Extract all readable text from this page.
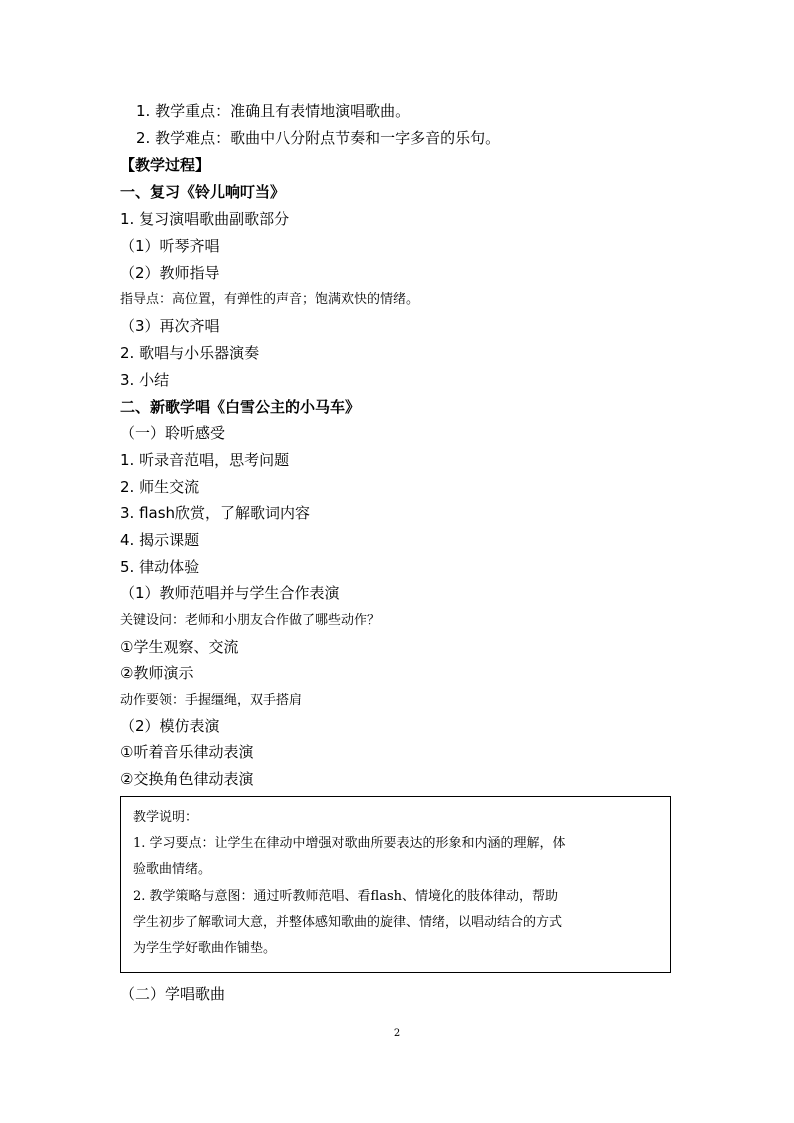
1. 教学重点：准确且有表情地演唱歌曲。
2. 教学难点：歌曲中八分附点节奏和一字多音的乐句。
【教学过程】
一、复习《铃儿响叮当》
1. 复习演唱歌曲副歌部分
（1）听琴齐唱
（2）教师指导
指导点：高位置，有弹性的声音；饱满欢快的情绪。
（3）再次齐唱
2. 歌唱与小乐器演奏
3. 小结
二、新歌学唱《白雪公主的小马车》
（一）聆听感受
1. 听录音范唱，思考问题
2. 师生交流
3. flash欣赏，了解歌词内容
4. 揭示课题
5. 律动体验
（1）教师范唱并与学生合作表演
关键设问：老师和小朋友合作做了哪些动作？
①学生观察、交流
②教师演示
动作要领：手握缰绳，双手搭肩
（2）模仿表演
①听着音乐律动表演
②交换角色律动表演
教学说明：
1. 学习要点：让学生在律动中增强对歌曲所要表达的形象和内涵的理解，体
验歌曲情绪。
2. 教学策略与意图：通过听教师范唱、看flash、情境化的肢体律动，帮助
学生初步了解歌词大意，并整体感知歌曲的旋律、情绪，以唱动结合的方式
为学生学好歌曲作铺垫。
（二）学唱歌曲
2
